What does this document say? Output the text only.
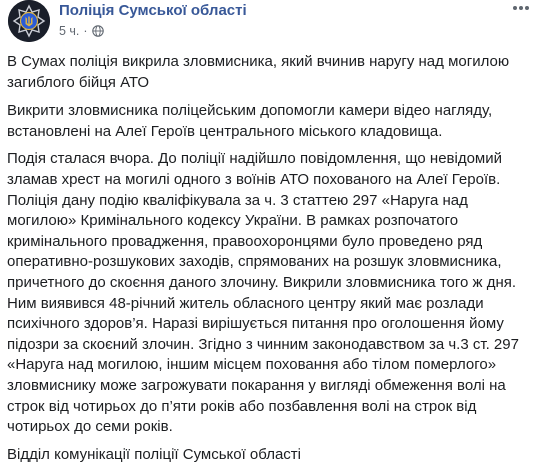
Поліція Сумської області
5 ч. ·

В Сумах поліція викрила зловмисника, який вчинив наругу над могилою загиблого бійця АТО

Викрити зловмисника поліцейським допомогли камери відео нагляду, встановлені на Алеї Героїв центрального міського кладовища.

Подія сталася вчора. До поліції надійшло повідомлення, що невідомий зламав хрест на могилі одного з воїнів АТО похованого на Алеї Героїв. Поліція дану подію кваліфікувала за ч. 3 статтею 297 «Наруга над могилою» Кримінального кодексу України. В рамках розпочатого кримінального провадження, правоохоронцями було проведено ряд оперативно-розшукових заходів, спрямованих на розшук зловмисника, причетного до скоєння даного злочину. Викрили зловмисника того ж дня. Ним виявився 48-річний житель обласного центру який має розлади психічного здоров’я. Наразі вирішується питання про оголошення йому підозри за скоєний злочин. Згідно з чинним законодавством за ч.3 ст. 297 «Наруга над могилою, іншим місцем поховання або тілом померлого» зловмиснику може загрожувати покарання у вигляді обмеження волі на строк від чотирьох до п’яти років або позбавлення волі на строк від чотирьох до семи років.

Відділ комунікації поліції Сумської області
